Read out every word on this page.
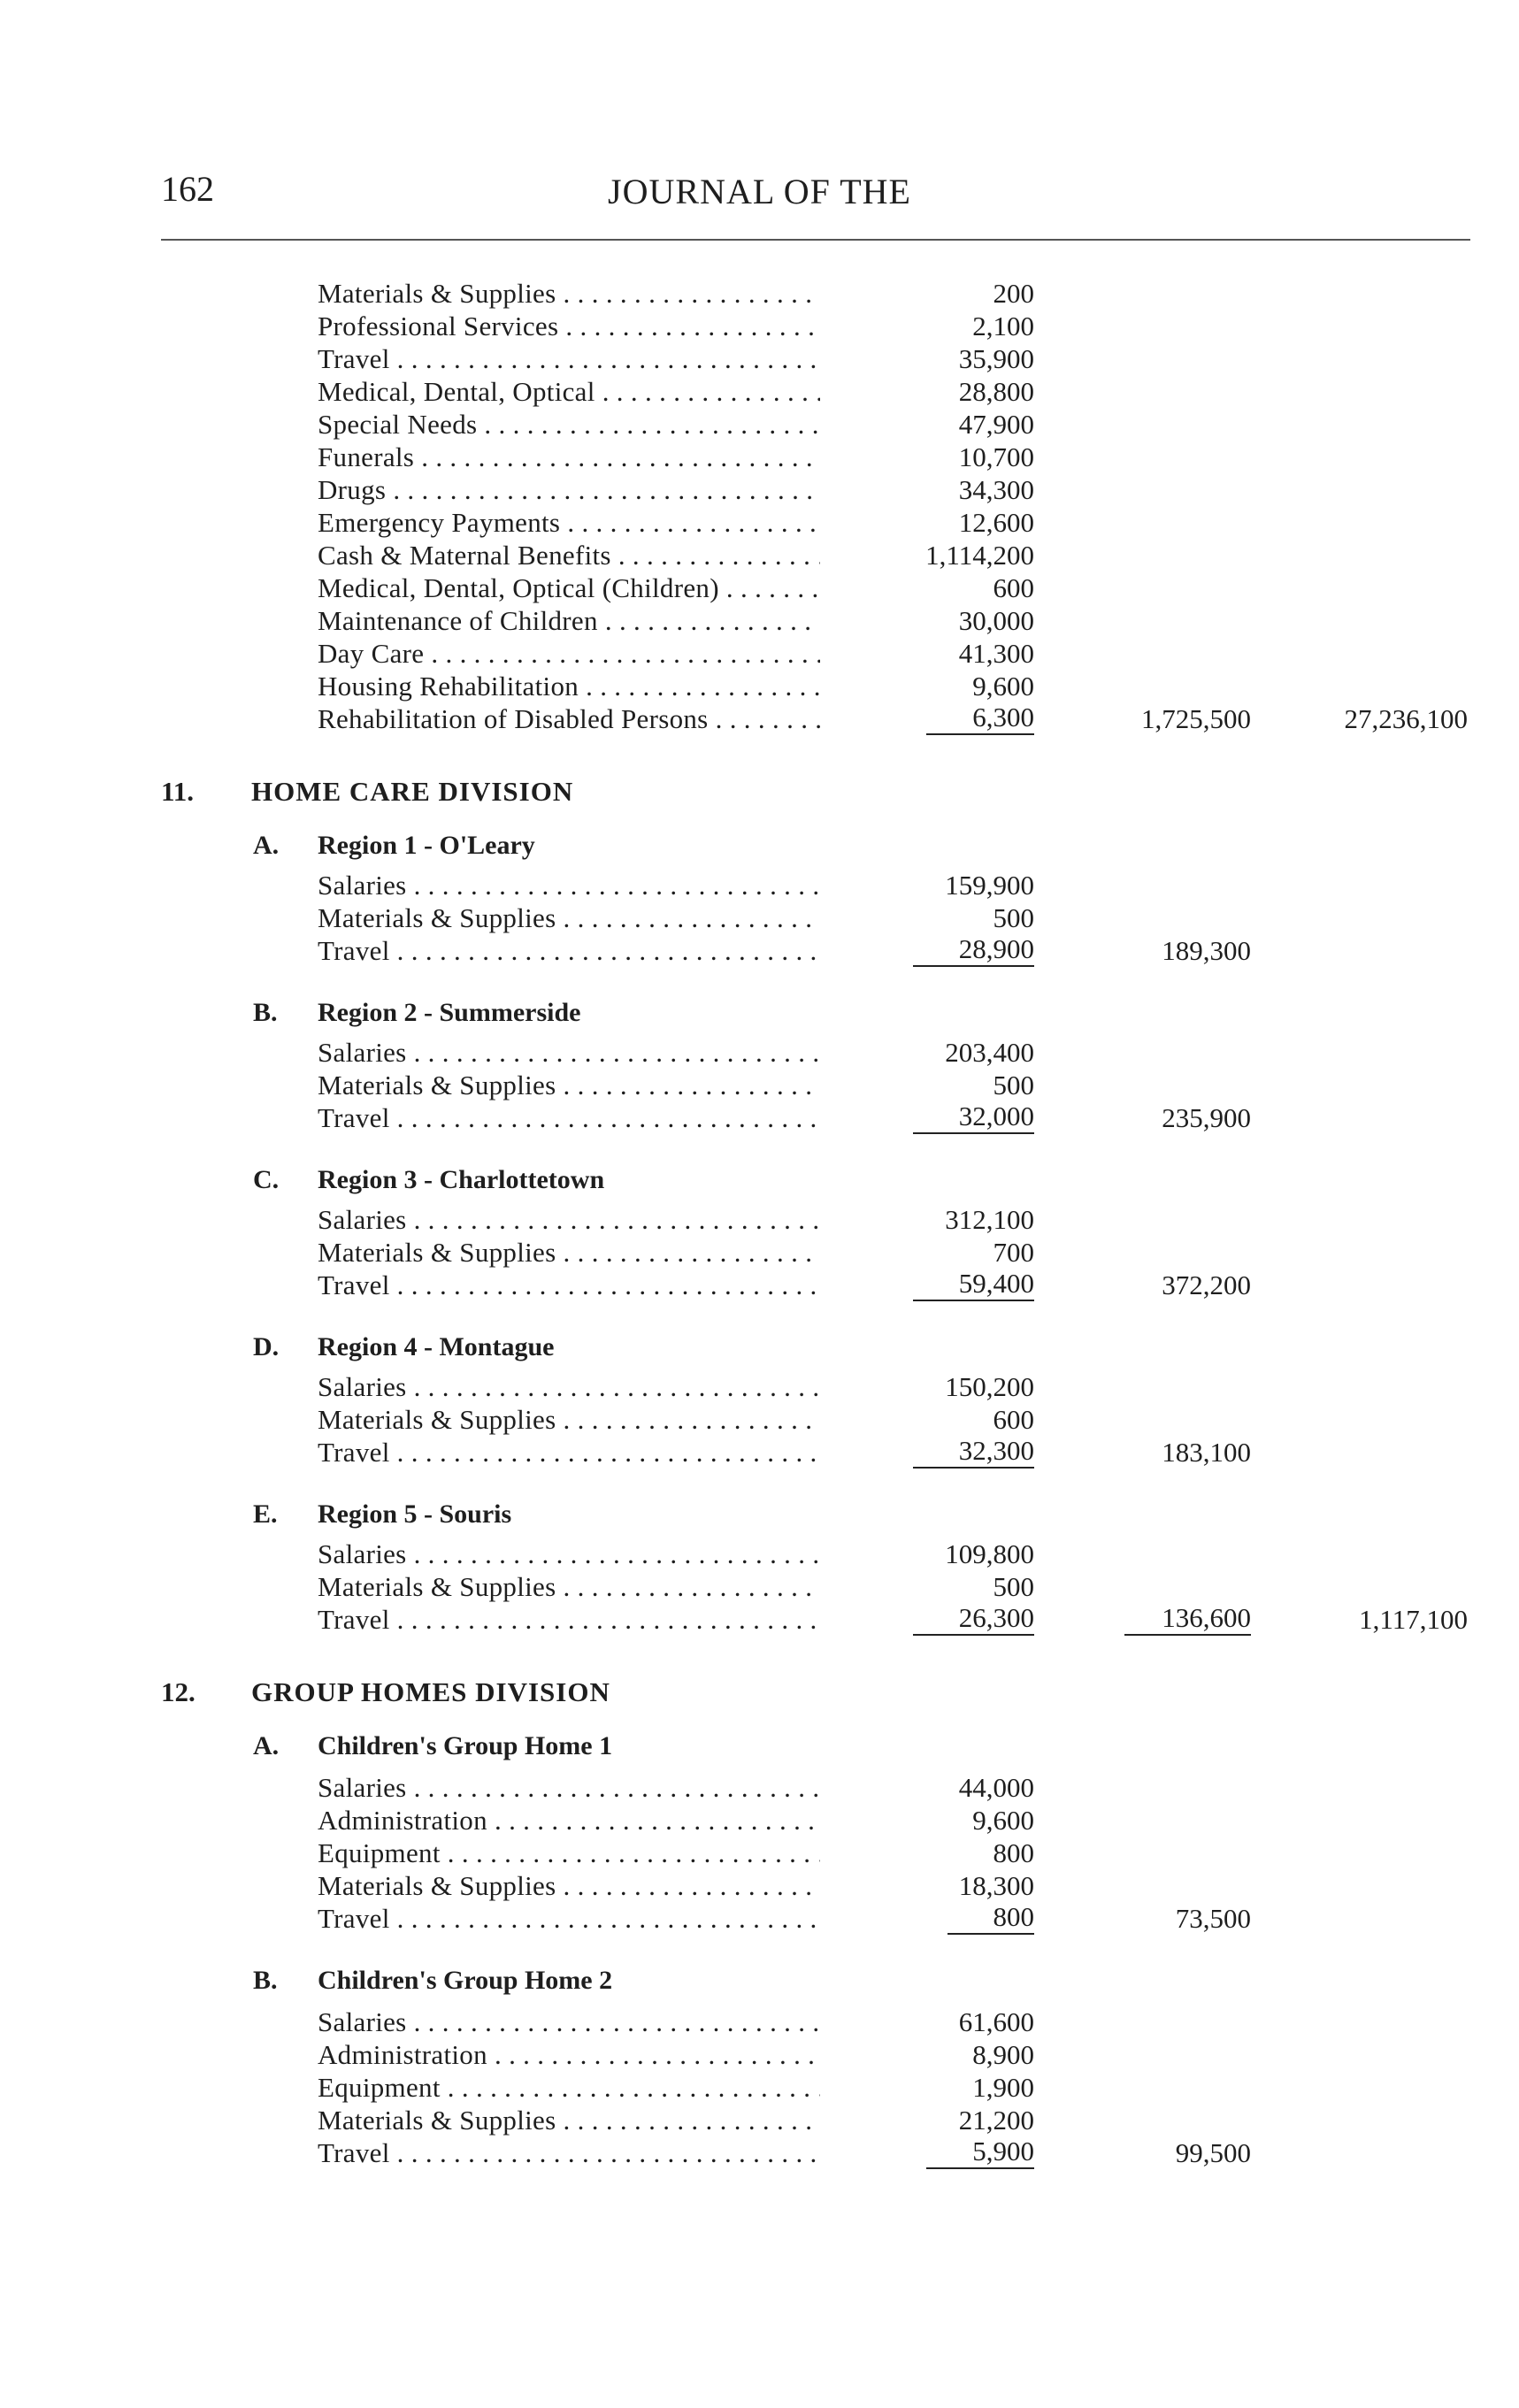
162	JOURNAL OF THE
Materials & Supplies . . .	200
Professional Services . . .	2,100
Travel . . .	35,900
Medical, Dental, Optical . . .	28,800
Special Needs . . .	47,900
Funerals . . .	10,700
Drugs . . .	34,300
Emergency Payments . . .	12,600
Cash & Maternal Benefits . . .	1,114,200
Medical, Dental, Optical (Children) . . .	600
Maintenance of Children . . .	30,000
Day Care . . .	41,300
Housing Rehabilitation . . .	9,600
Rehabilitation of Disabled Persons . . .	6,300	1,725,500	27,236,100
11. HOME CARE DIVISION
A. Region 1 - O'Leary
Salaries . . .	159,900
Materials & Supplies . . .	500
Travel . . .	28,900	189,300
B. Region 2 - Summerside
Salaries . . .	203,400
Materials & Supplies . . .	500
Travel . . .	32,000	235,900
C. Region 3 - Charlottetown
Salaries . . .	312,100
Materials & Supplies . . .	700
Travel . . .	59,400	372,200
D. Region 4 - Montague
Salaries . . .	150,200
Materials & Supplies . . .	600
Travel . . .	32,300	183,100
E. Region 5 - Souris
Salaries . . .	109,800
Materials & Supplies . . .	500
Travel . . .	26,300	136,600	1,117,100
12. GROUP HOMES DIVISION
A. Children's Group Home 1
Salaries . . .	44,000
Administration . . .	9,600
Equipment . . .	800
Materials & Supplies . . .	18,300
Travel . . .	800	73,500
B. Children's Group Home 2
Salaries . . .	61,600
Administration . . .	8,900
Equipment . . .	1,900
Materials & Supplies . . .	21,200
Travel . . .	5,900	99,500
